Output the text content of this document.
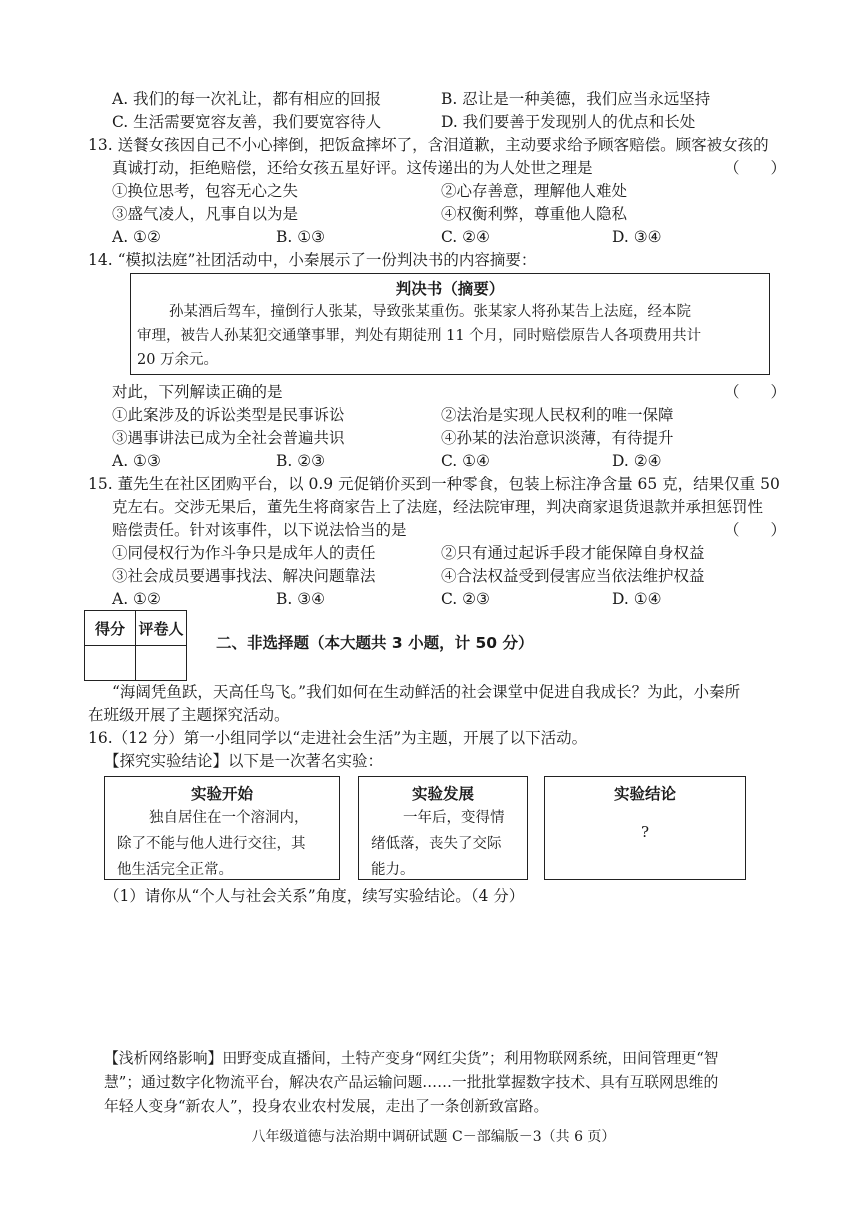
A. 我们的每一次礼让，都有相应的回报	B. 忍让是一种美德，我们应当永远坚持
C. 生活需要宽容友善，我们要宽容待人	D. 我们要善于发现别人的优点和长处
13. 送餐女孩因自己不小心摔倒，把饭盒摔坏了，含泪道歉，主动要求给予顾客赔偿。顾客被女孩的
真诚打动，拒绝赔偿，还给女孩五星好评。这传递出的为人处世之理是	（　　）
①换位思考，包容无心之失	②心存善意，理解他人难处
③盛气凌人，凡事自以为是	④权衡利弊，尊重他人隐私
A. ①②	B. ①③	C. ②④	D. ③④
14. “模拟法庭”社团活动中，小秦展示了一份判决书的内容摘要：
判决书（摘要）
孙某酒后驾车，撞倒行人张某，导致张某重伤。张某家人将孙某告上法庭，经本院
审理，被告人孙某犯交通肇事罪，判处有期徒刑 11 个月，同时赔偿原告人各项费用共计
20 万余元。
对此，下列解读正确的是	（　　）
①此案涉及的诉讼类型是民事诉讼	②法治是实现人民权利的唯一保障
③遇事讲法已成为全社会普遍共识	④孙某的法治意识淡薄，有待提升
A. ①③	B. ②③	C. ①④	D. ②④
15. 董先生在社区团购平台，以 0.9 元促销价买到一种零食，包装上标注净含量 65 克，结果仅重 50
克左右。交涉无果后，董先生将商家告上了法庭，经法院审理，判决商家退货退款并承担惩罚性
赔偿责任。针对该事件，以下说法恰当的是	（　　）
①同侵权行为作斗争只是成年人的责任	②只有通过起诉手段才能保障自身权益
③社会成员要遇事找法、解决问题靠法	④合法权益受到侵害应当依法维护权益
A. ①②	B. ③④	C. ②③	D. ①④
得分	评卷人

二、非选择题（本大题共 3 小题，计 50 分）
“海阔凭鱼跃，天高任鸟飞。”我们如何在生动鲜活的社会课堂中促进自我成长？为此，小秦所
在班级开展了主题探究活动。
16.（12 分）第一小组同学以“走进社会生活”为主题，开展了以下活动。
【探究实验结论】以下是一次著名实验：
实验开始
独自居住在一个溶洞内，
除了不能与他人进行交往，其
他生活完全正常。
实验发展
一年后，变得情
绪低落，丧失了交际
能力。
实验结论
?
（1）请你从“个人与社会关系”角度，续写实验结论。（4 分）
【浅析网络影响】田野变成直播间，土特产变身“网红尖货”；利用物联网系统，田间管理更“智
慧”；通过数字化物流平台，解决农产品运输问题……一批批掌握数字技术、具有互联网思维的
年轻人变身“新农人”，投身农业农村发展，走出了一条创新致富路。
八年级道德与法治期中调研试题 C－部编版－3（共 6 页）
